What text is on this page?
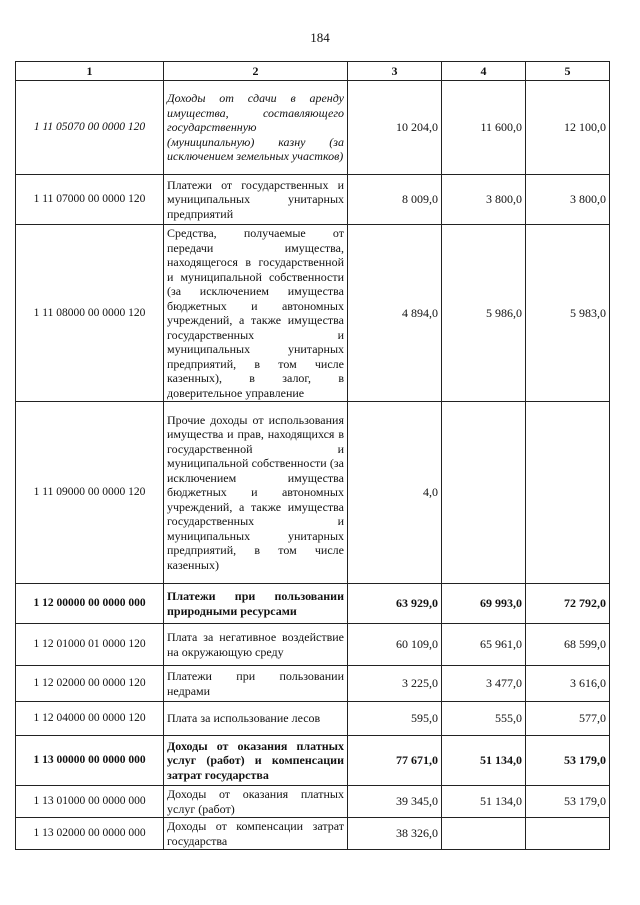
184
1	2	3	4	5
1 11 05070 00 0000 120	Доходы от сдачи в аренду имущества, составляющего государственную (муниципальную) казну (за исключением земельных участков)	10 204,0	11 600,0	12 100,0
1 11 07000 00 0000 120	Платежи от государственных и муниципальных унитарных предприятий	8 009,0	3 800,0	3 800,0
1 11 08000 00 0000 120	Средства, получаемые от передачи имущества, находящегося в государственной и муниципальной собственности (за исключением имущества бюджетных и автономных учреждений, а также имущества государственных и муниципальных унитарных предприятий, в том числе казенных), в залог, в доверительное управление	4 894,0	5 986,0	5 983,0
1 11 09000 00 0000 120	Прочие доходы от использования имущества и прав, находящихся в государственной и муниципальной собственности (за исключением имущества бюджетных и автономных учреждений, а также имущества государственных и муниципальных унитарных предприятий, в том числе казенных)	4,0		
1 12 00000 00 0000 000	Платежи при пользовании природными ресурсами	63 929,0	69 993,0	72 792,0
1 12 01000 01 0000 120	Плата за негативное воздействие на окружающую среду	60 109,0	65 961,0	68 599,0
1 12 02000 00 0000 120	Платежи при пользовании недрами	3 225,0	3 477,0	3 616,0
1 12 04000 00 0000 120	Плата за использование лесов	595,0	555,0	577,0
1 13 00000 00 0000 000	Доходы от оказания платных услуг (работ) и компенсации затрат государства	77 671,0	51 134,0	53 179,0
1 13 01000 00 0000 000	Доходы от оказания платных услуг (работ)	39 345,0	51 134,0	53 179,0
1 13 02000 00 0000 000	Доходы от компенсации затрат государства	38 326,0		
